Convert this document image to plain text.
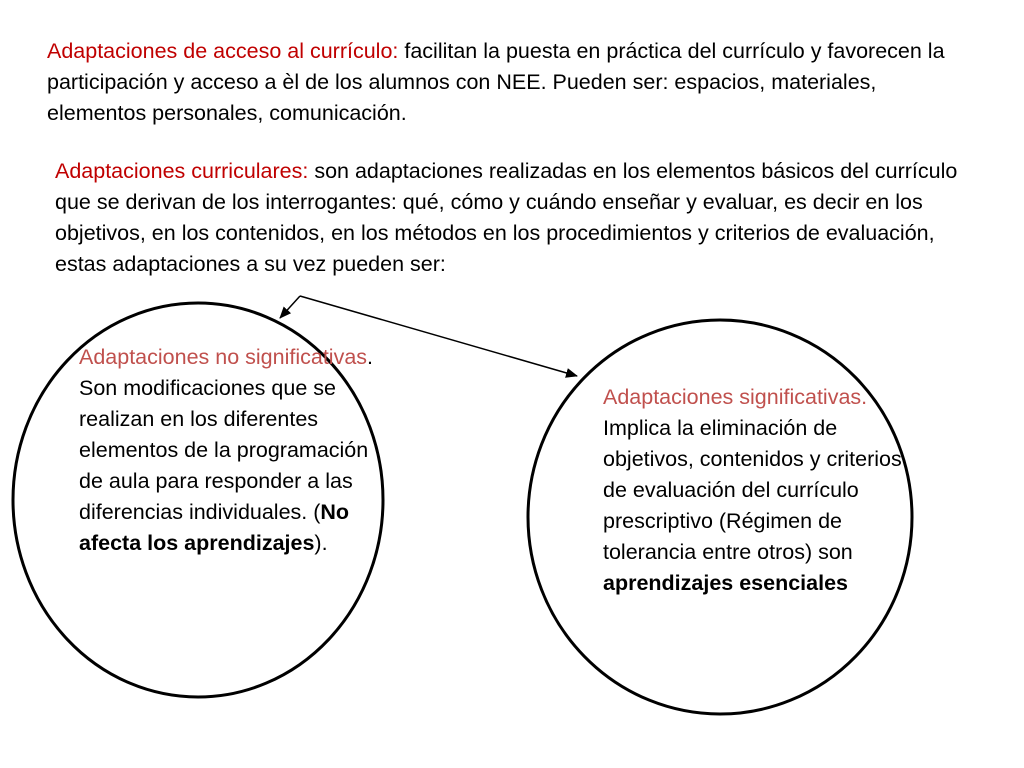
Adaptaciones de acceso al currículo: facilitan la puesta en práctica del currículo y favorecen la participación y acceso a èl de los alumnos con NEE. Pueden ser: espacios, materiales, elementos personales, comunicación.

Adaptaciones curriculares: son adaptaciones realizadas en los elementos básicos del currículo que se derivan de los interrogantes: qué, cómo y cuándo enseñar y evaluar, es decir en los objetivos, en los contenidos, en los métodos en los procedimientos y criterios de evaluación, estas adaptaciones a su vez pueden ser:

Adaptaciones no significativas. Son modificaciones que se realizan en los diferentes elementos de la programación de aula para responder a las diferencias individuales. (No afecta los aprendizajes).

Adaptaciones significativas. Implica la eliminación de objetivos, contenidos y criterios de evaluación del currículo prescriptivo (Régimen de tolerancia entre otros) son aprendizajes esenciales
